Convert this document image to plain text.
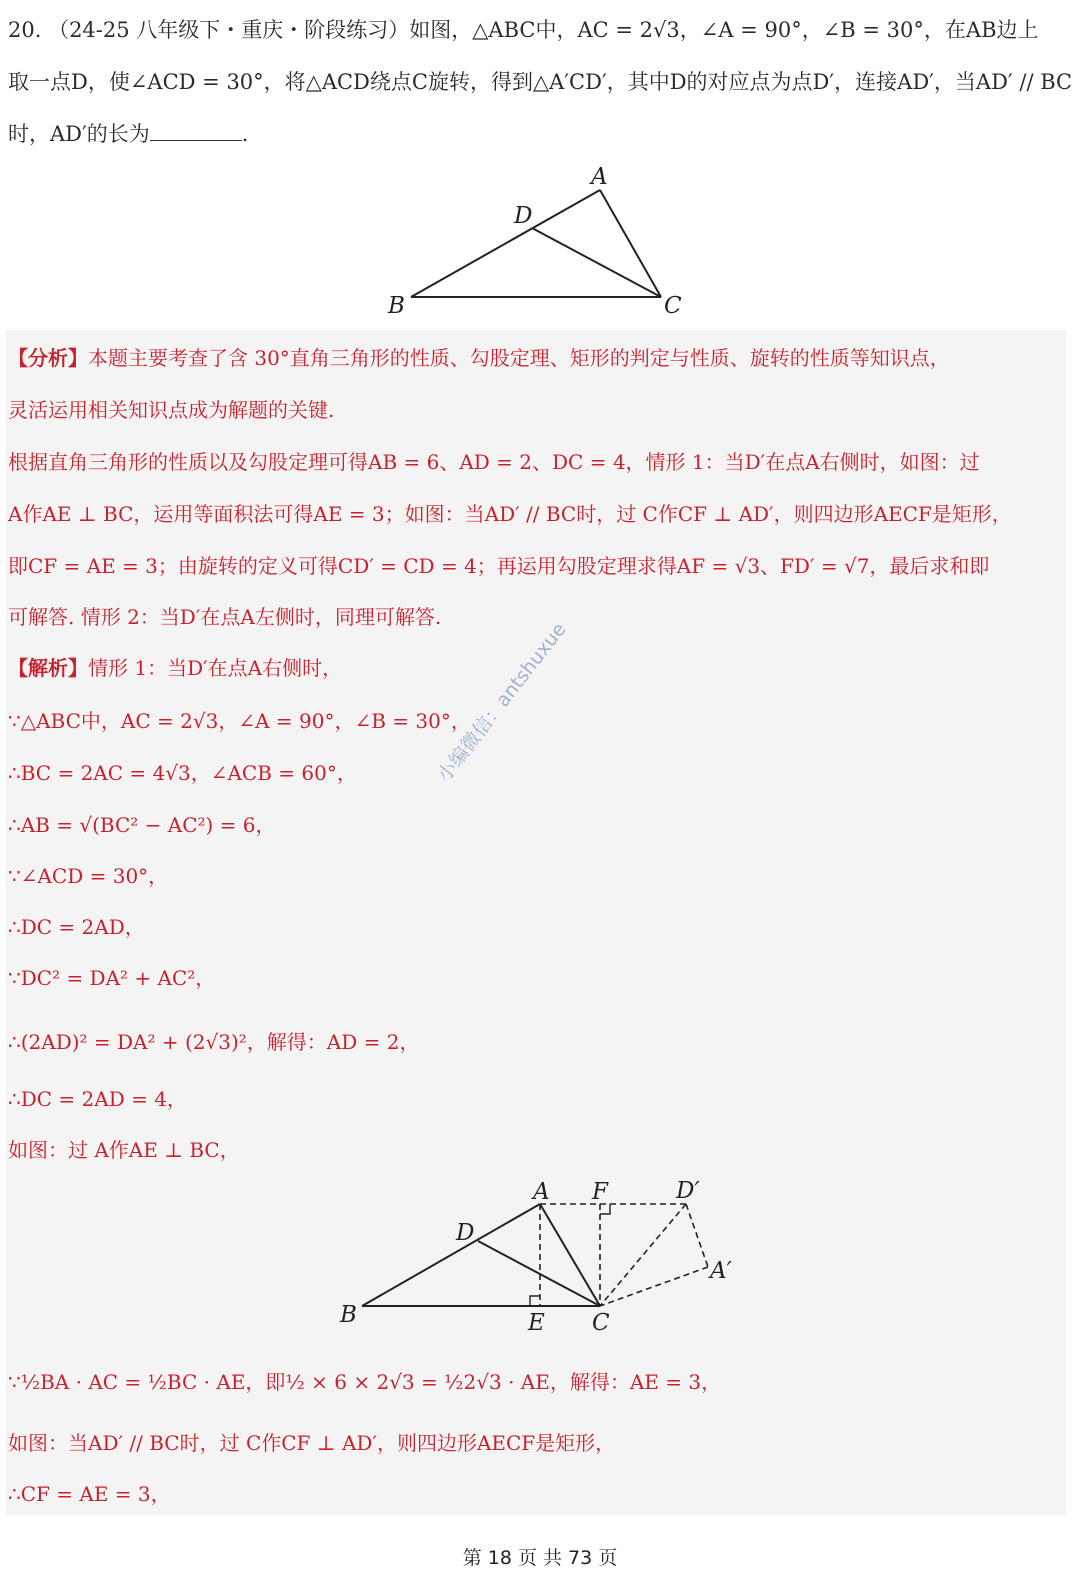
20. （24-25 八年级下・重庆・阶段练习）如图，△ABC中，AC = 2√3，∠A = 90°，∠B = 30°，在AB边上
取一点D，使∠ACD = 30°，将△ACD绕点C旋转，得到△A′CD′，其中D的对应点为点D′，连接AD′，当AD′ // BC
时，AD′的长为	.
A
B	C
D
【分析】本题主要考查了含 30°直角三角形的性质、勾股定理、矩形的判定与性质、旋转的性质等知识点，
灵活运用相关知识点成为解题的关键.
根据直角三角形的性质以及勾股定理可得AB = 6、AD = 2、DC = 4，情形 1：当D′在点A右侧时，如图：过
A作AE ⊥ BC，运用等面积法可得AE = 3；如图：当AD′ // BC时，过 C作CF ⊥ AD′，则四边形AECF是矩形，
即CF = AE = 3；由旋转的定义可得CD′ = CD = 4；再运用勾股定理求得AF = √3、FD′ = √7，最后求和即
可解答. 情形 2：当D′在点A左侧时，同理可解答.
【解析】情形 1：当D′在点A右侧时，
∵△ABC中，AC = 2√3，∠A = 90°，∠B = 30°，
∴BC = 2AC = 4√3，∠ACB = 60°，
∴AB = √(BC² − AC²) = 6，
∵∠ACD = 30°，
∴DC = 2AD，
∵DC² = DA² + AC²，
∴(2AD)² = DA² + (2√3)²，解得：AD = 2，
∴DC = 2AD = 4，
如图：过 A作AE ⊥ BC，
小编微信：antshuxue
A F	D′
A′
D
B	E C
∵½BA · AC = ½BC · AE，即½ × 6 × 2√3 = ½2√3 · AE，解得：AE = 3，
如图：当AD′ // BC时，过 C作CF ⊥ AD′，则四边形AECF是矩形，
∴CF = AE = 3，
第 18 页 共 73 页
